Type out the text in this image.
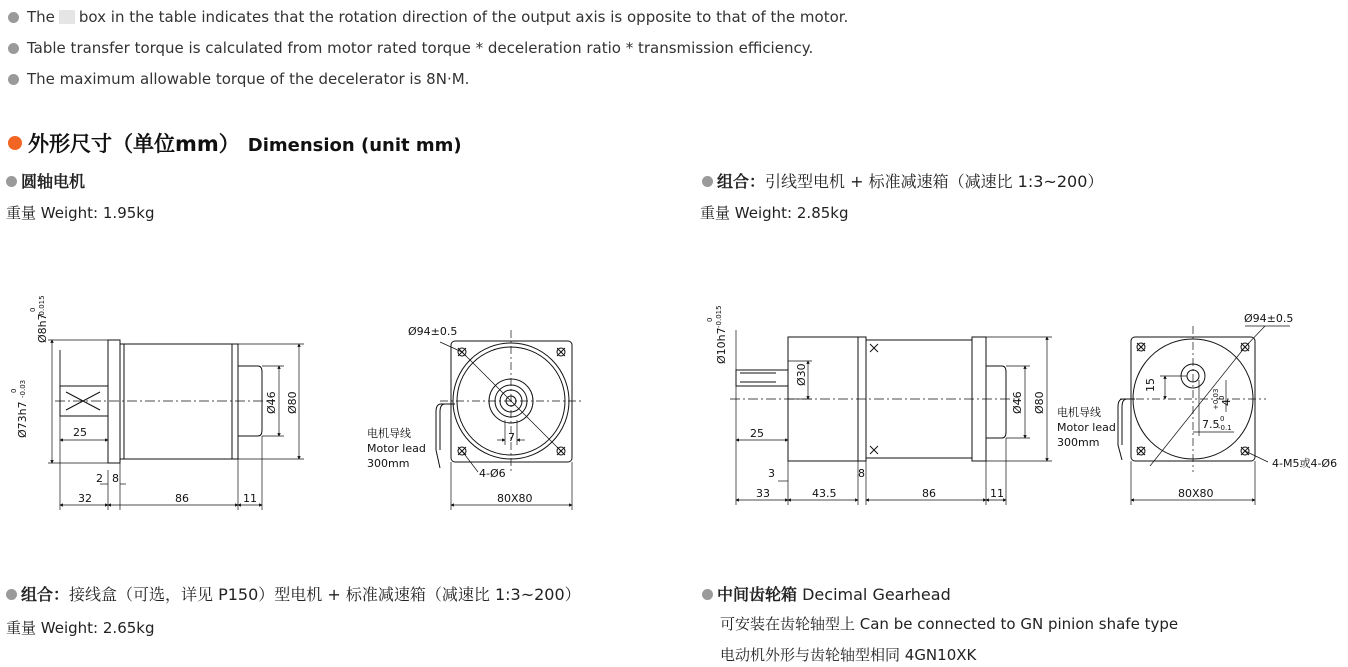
The box in the table indicates that the rotation direction of the output axis is opposite to that of the motor.
Table transfer torque is calculated from motor rated torque * deceleration ratio * transmission efficiency.
The maximum allowable torque of the decelerator is 8N·M.
外形尺寸（单位mm） Dimension (unit mm)
圆轴电机
重量 Weight: 1.95kg
组合：引线型电机 + 标准减速箱（减速比 1:3~200）
重量 Weight: 2.85kg
Ø8h7
0 -0.015
Ø73h7
0 -0.03
25
Ø46 Ø80
2 8
32	86	11
Ø94±0.5
电机导线
Motor lead
300mm
7
4-Ø6
80X80
Ø10h7
0 -0.015
Ø30
25
3	8
Ø46 Ø80
33	43.5	86	11
Ø94±0.5
电机导线
Motor lead
300mm
15
4
+0.03
0
7.5 0
-0.1
4-M5或4-Ø6
80X80
组合：接线盒（可选，详见 P150）型电机 + 标准减速箱（减速比 1:3~200）
重量 Weight: 2.65kg
中间齿轮箱 Decimal Gearhead
可安装在齿轮轴型上 Can be connected to GN pinion shafe type
电动机外形与齿轮轴型相同 4GN10XK
